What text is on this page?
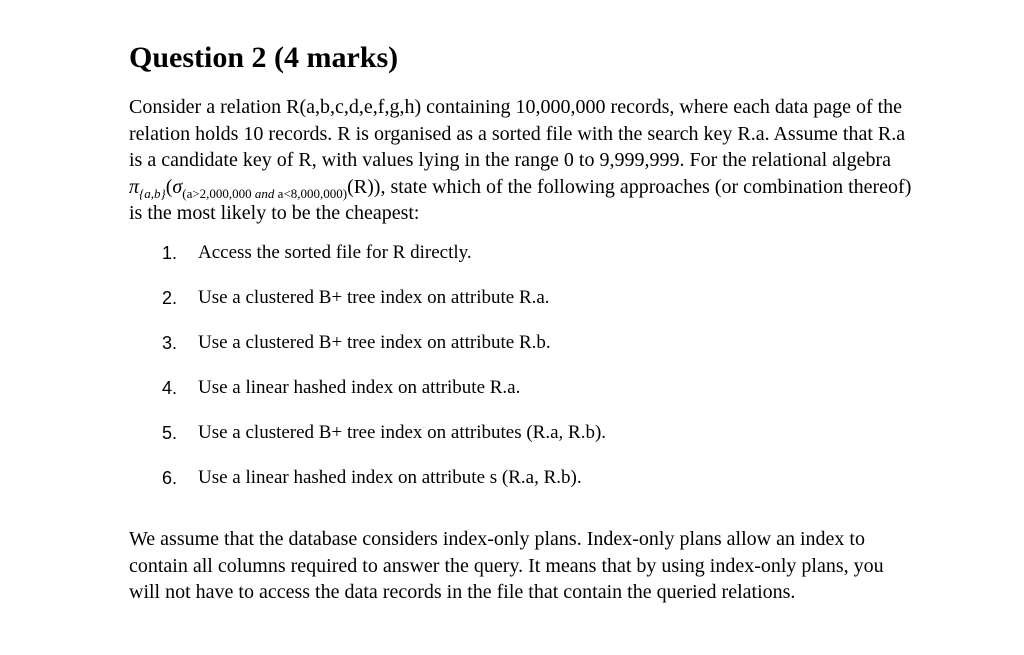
Question 2 (4 marks)

Consider a relation R(a,b,c,d,e,f,g,h) containing 10,000,000 records, where each data page of the relation holds 10 records. R is organised as a sorted file with the search key R.a. Assume that R.a is a candidate key of R, with values lying in the range 0 to 9,999,999. For the relational algebra $\pi_{\{a,b\}}(\sigma_{(a>2,000,000 and a<8,000,000)}(R))$, state which of the following approaches (or combination thereof) is the most likely to be the cheapest:

1. Access the sorted file for R directly.
2. Use a clustered B+ tree index on attribute R.a.
3. Use a clustered B+ tree index on attribute R.b.
4. Use a linear hashed index on attribute R.a.
5. Use a clustered B+ tree index on attributes (R.a, R.b).
6. Use a linear hashed index on attribute s (R.a, R.b).

We assume that the database considers index-only plans. Index-only plans allow an index to contain all columns required to answer the query. It means that by using index-only plans, you will not have to access the data records in the file that contain the queried relations.
